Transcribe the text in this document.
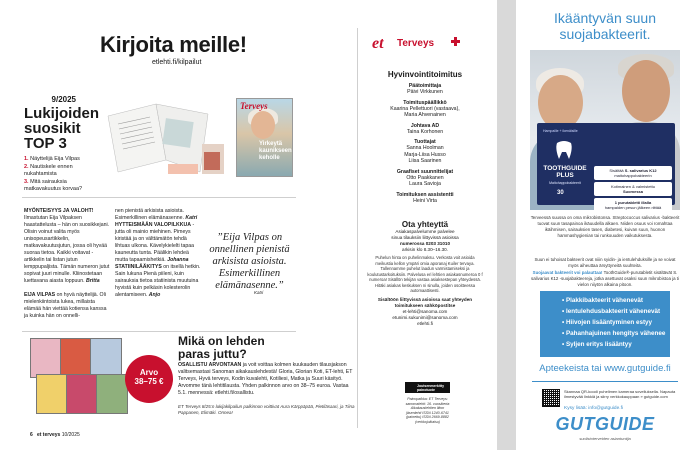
Kirjoita meille!
etlehti.fi/kilpailut
9/2025
Lukijoiden suosikit TOP 3
1. Näyttelijä Eija Vilpas
2. Nautiskele ennen nukahtamista
3. Mitä sairauksia matkavakuutus korvaa?
Terveys
Yirkeytä kaunikseen keholle
MYÖNTEISYYS JA VALOHT! Ilmastutan Eija Vilpaksen haastattelusta – hän on suosikkejani. Olisin voinut valita myös unisopeusartikkelin, matkavakuutusjutun, jossa oli hyvää suoraa tietoa. Kaikki voitavat -artikkelin tai listan jutun lemppupaljista. Tämän numeron jutut sopivat juuri minulle. Kliinostetaan luettavana aiasta loppuun. Britta

EIJA VILPAS on hyvä näyttelijä. Oli mielenkiintoista lukea, millaista elämää hän viettää kotiensa kanssa ja kuinka hän on onnelli-
nen pienistä arkisista asioista. Esimerkillinen elämänasenne. Katri
HYTTEISMÄÄN VALOPILKKUA -jutta oli mainio miehinen. Pimeys kiristää ja on välttämätön tehdä lihtuas ulkona. Kävelykielelti tapaa kauneutta tunta. Päälikin lehdeä mutta tapaamishetkiä. Johanna
STATIINILÄÄKITYS on itsellä hetkin. Sain lukuna Pienä piileni, kuin sairauksia tietoa statiinista muutuina hyvistä kuin pelkäsin kolesterolin alentamiseen. Anjo
”Eija Vilpas on onnellinen pienistä arkisista asioista. Esimerkillinen elämänasenne.”
Katri
Arvo
38–75 €
Mikä on lehden paras juttu?
OSALLISTU ARVONTAAN ja voit voittaa kolmen kuukauden tilausjakson valitsemastasi Sanoman aikakauslehdestä! Gloria, Glorian Koti, ET-lehti, ET Terveys, Hyvä terveys, Kodin kuvalehti, Kotiliesi, Matka ja Suuri käsityö. Arvomme tänä lehtitilausta. Yhden palkinnon arvo on 38–75 euroa. Vastaa 5.1. mennessä: etlehti.fi/osallistu.
ET Terveys 8/25:n lukijakilpailun palkinnon voittivat Aura Kärppäpää, Pietiläsaari, ja Tiina Pappanen, Elimäki. Onnea!
6 et terveys 10/2025
et Terveys
Hyvinvointitoimitus
Päätoimittaja
Päivi Virkkunen
Toimituspäällikkö
Kaarina Pellettuori (vastaava),
Maria Ahvenainen
Johtava AD
Taina Korhonen
Tuottajat
Sanna Hoolman
Marja-Liisa Husso
Liisa Saarinen
Graafiset suunnittelijat
Otto Paakkanen
Laura Savioja
Toimituksen assistentti
Heini Virta
Ota yhteyttä
Asiakaspalvelumme palvelee
sinua tilauksiin liittyvissä asioissa
numerossa 0203 31010
arkisin klo 8.30–16.30.
Puhelun hinta on puhelinmaksu. Verkosta voit asioida meikustia kellon ympäri omia aporanaj Kuiler tervaya. Tallennamme puhelut laadun varmistamiseksi ja koulutustarkoituksiin. Palvelusa eri lehtien asiakasnumeroa 0 f numeroa! Sisällön tekijän vastaa asiaksestepan yhteydessä. Hitäki asiakas keskuksen ni sinulla, joiden osoitteessa automaattisesti.
Sisältöön liittyvissä asioissa saat yhteyden toimitukseen sähköpostitse
et-lehti@sanoma.com
etunimi.sukunimi@sanoma.com
etlehti.fi
Joutsenmerkitty painotuote
Painopaikka: ET Terveys: sanomalehti: 16. vuosikerta Aikakauslehtien liiton jäsenlehti ISSN 1240-6741 (painettu) ISSN 2669-8882 (verkkojulkaisu)
Ikääntyvän suun suojabakteerit.
Hampaille + ikenäisille
TOOTHGUIDE PLUS
Maitohappobakteerit
30
Sisältää S. salivarius K12
maitohappobakteerin
Kotimainen & valmistettu
Suomessa
1 purutabletti illalla
hampaiden pesun jälkeen riittää
Terveessä suussa on oma mikrobistonsa. Streptococcus salivarius -bakteerit tuovat suun tasapainoa ikäuudella alkaen. Niiden osuus voi romahtaa ikäihmisen, sairauksien tasen, diabetesi, kuivan suun, huonon hammashygienian tai runkouuden vaikutuksesta.
Suun ei tuhoisat bakteerit ovat niiin syidin- ja ientulehduksille ja se voivat myös aiheuttaa ärsyttyneitä suuhteita.
Suojaavat bakteerit voi palauttaa! ToothGuide®-purutabletit sisältävät S. salivarius K12 -suojabakteereja, jotka asettuvat osaksi suun mikrobistoa ja ti vielon niiytön alkaina pitoon.
• Plakkibakteerit vähenevät
• Ientulehdusbakteerit vähenevät
• Hiivojen lisääntyminen estyy
• Pahanhajuinen hengitys vähenee
• Syljen eritys lisääntyy
Apteekeista tai www.gutguide.fi
Skannaa QR-koodi puhelimen kameraa sovelluksella. Napauta ilmestyvää linkkiä ja siirry verkkokauppaan » gutguide.com
Kysy lisää: info@gutguide.fi
GUTGUIDE
suolistoterveiden asiantuntija
